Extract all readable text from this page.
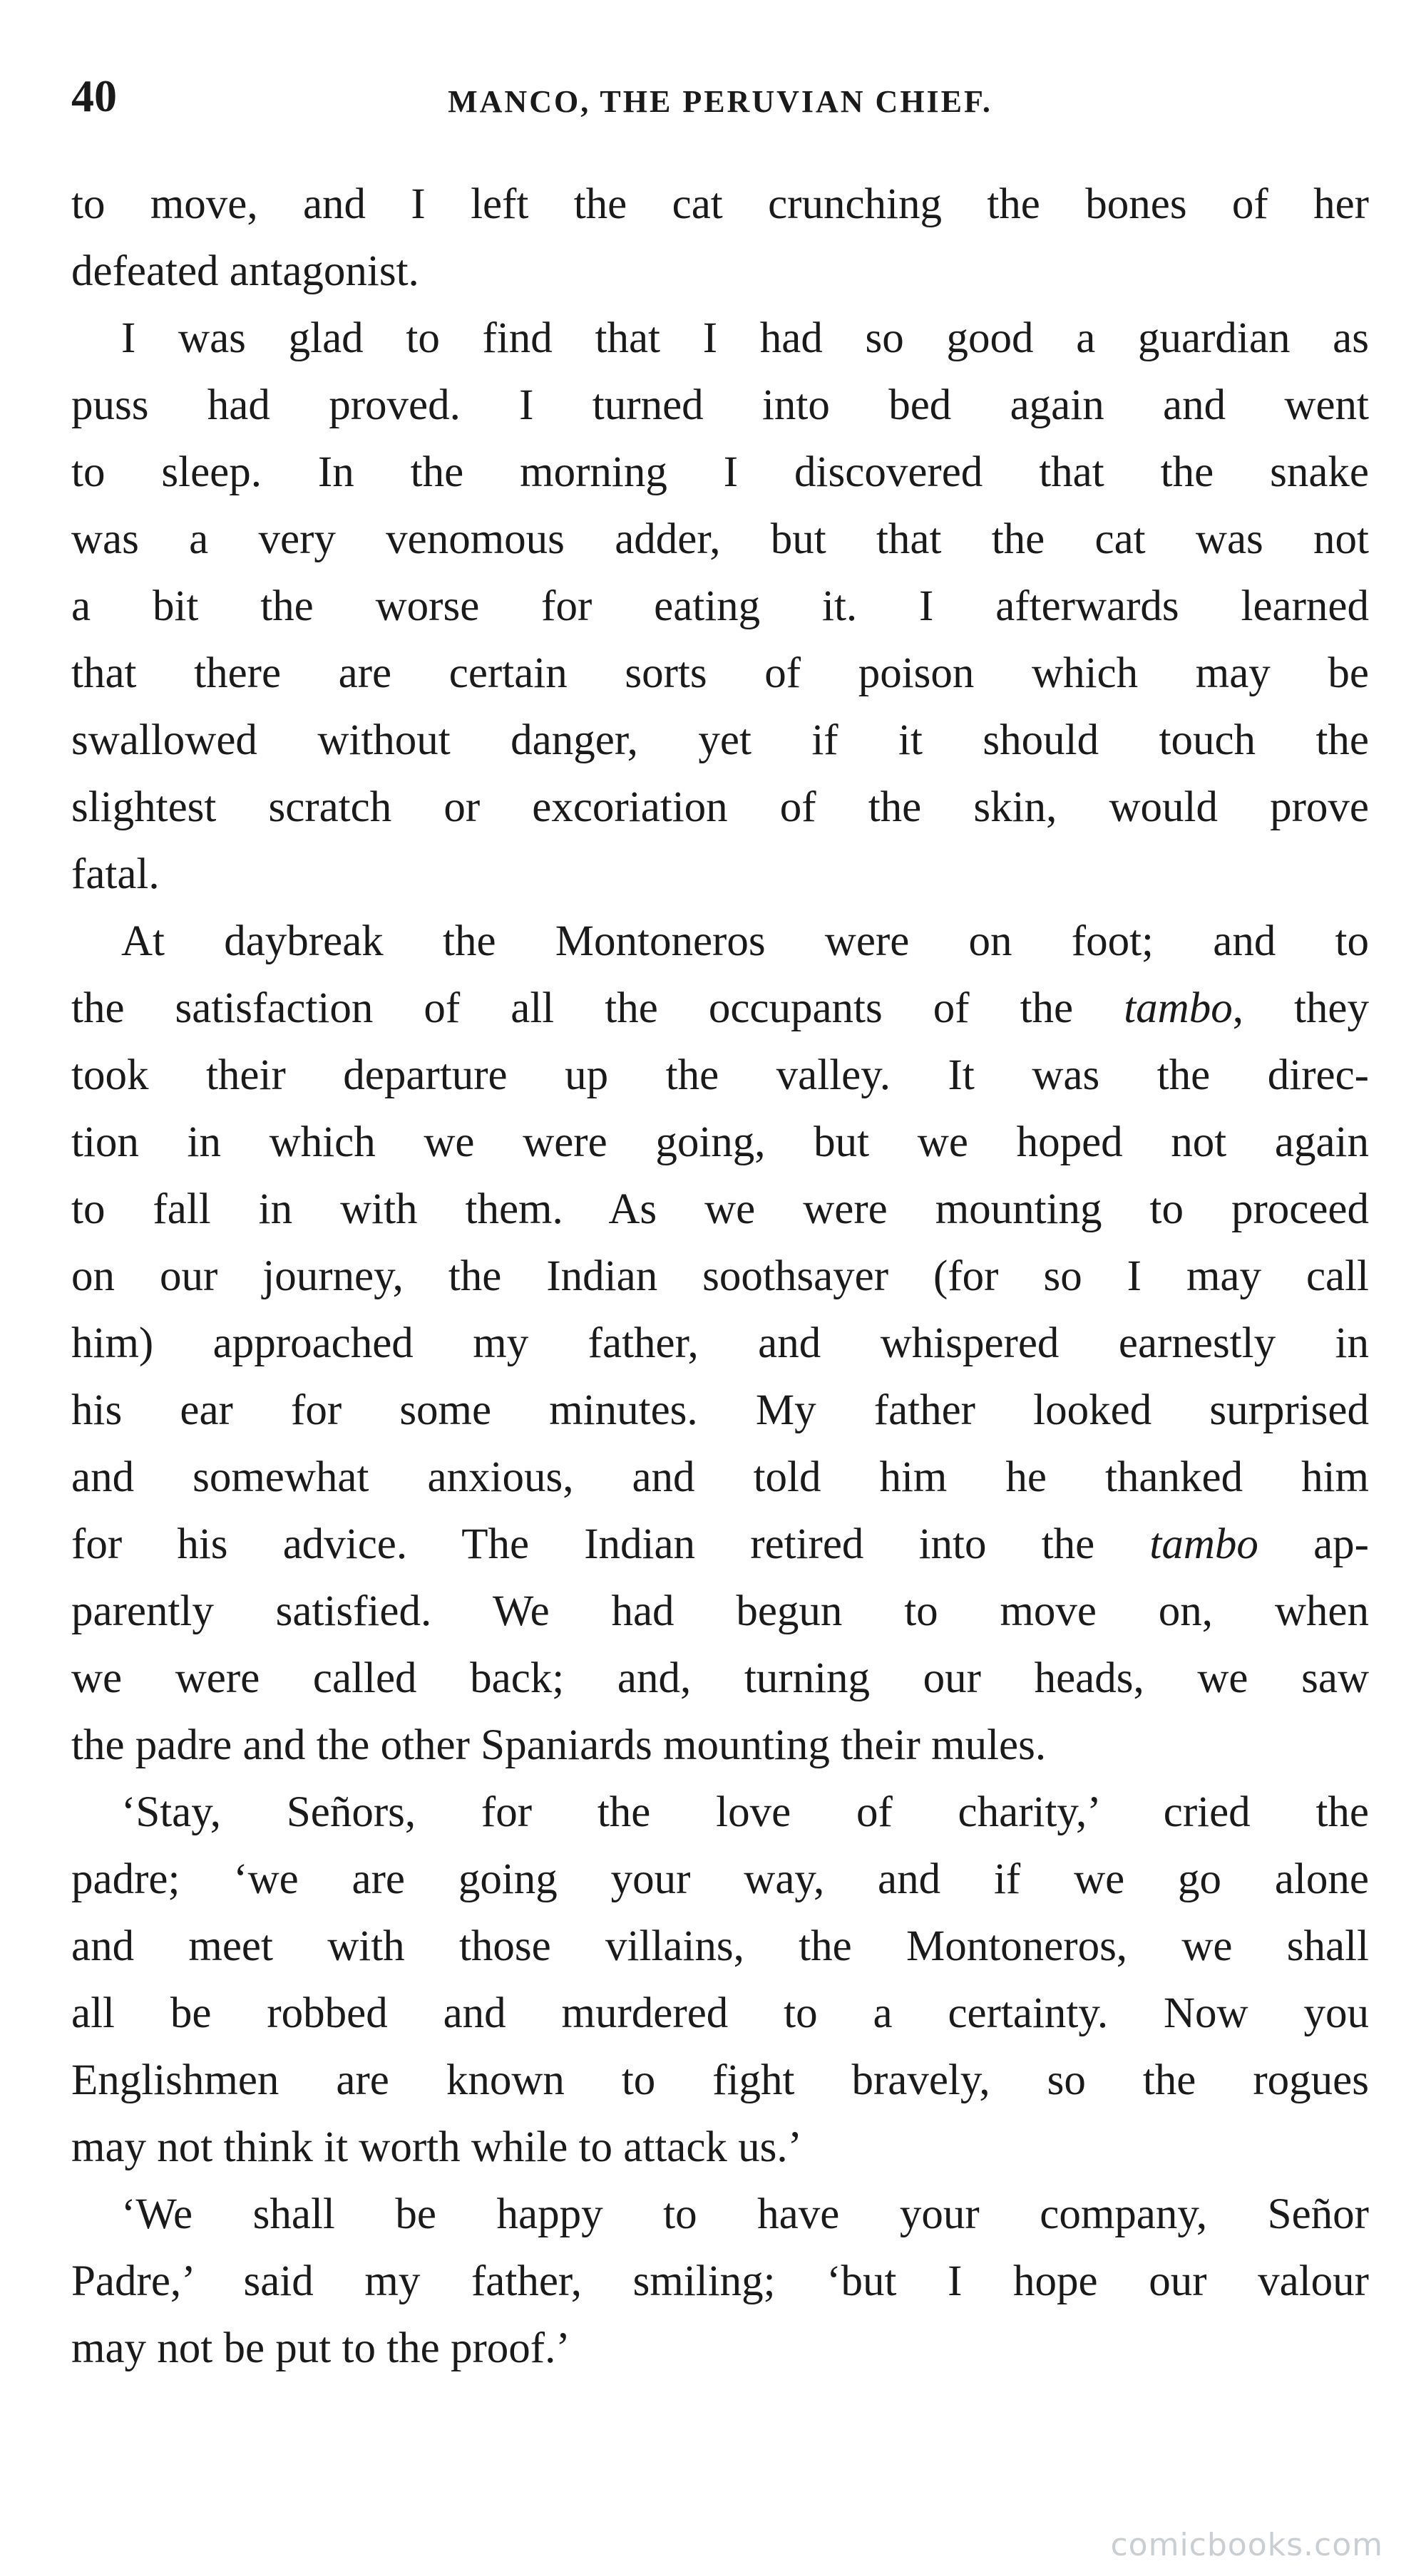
40	MANCO, THE PERUVIAN CHIEF.
to move, and I left the cat crunching the bones of her
defeated antagonist.
I was glad to find that I had so good a guardian as
puss had proved. I turned into bed again and went
to sleep. In the morning I discovered that the snake
was a very venomous adder, but that the cat was not
a bit the worse for eating it. I afterwards learned
that there are certain sorts of poison which may be
swallowed without danger, yet if it should touch the
slightest scratch or excoriation of the skin, would prove
fatal.
At daybreak the Montoneros were on foot; and to
the satisfaction of all the occupants of the tambo, they
took their departure up the valley. It was the direc-
tion in which we were going, but we hoped not again
to fall in with them. As we were mounting to proceed
on our journey, the Indian soothsayer (for so I may call
him) approached my father, and whispered earnestly in
his ear for some minutes. My father looked surprised
and somewhat anxious, and told him he thanked him
for his advice. The Indian retired into the tambo ap-
parently satisfied. We had begun to move on, when
we were called back; and, turning our heads, we saw
the padre and the other Spaniards mounting their mules.
‘Stay, Señors, for the love of charity,’ cried the
padre; ‘we are going your way, and if we go alone
and meet with those villains, the Montoneros, we shall
all be robbed and murdered to a certainty. Now you
Englishmen are known to fight bravely, so the rogues
may not think it worth while to attack us.’
‘We shall be happy to have your company, Señor
Padre,’ said my father, smiling; ‘but I hope our valour
may not be put to the proof.’
comicbooks.com
